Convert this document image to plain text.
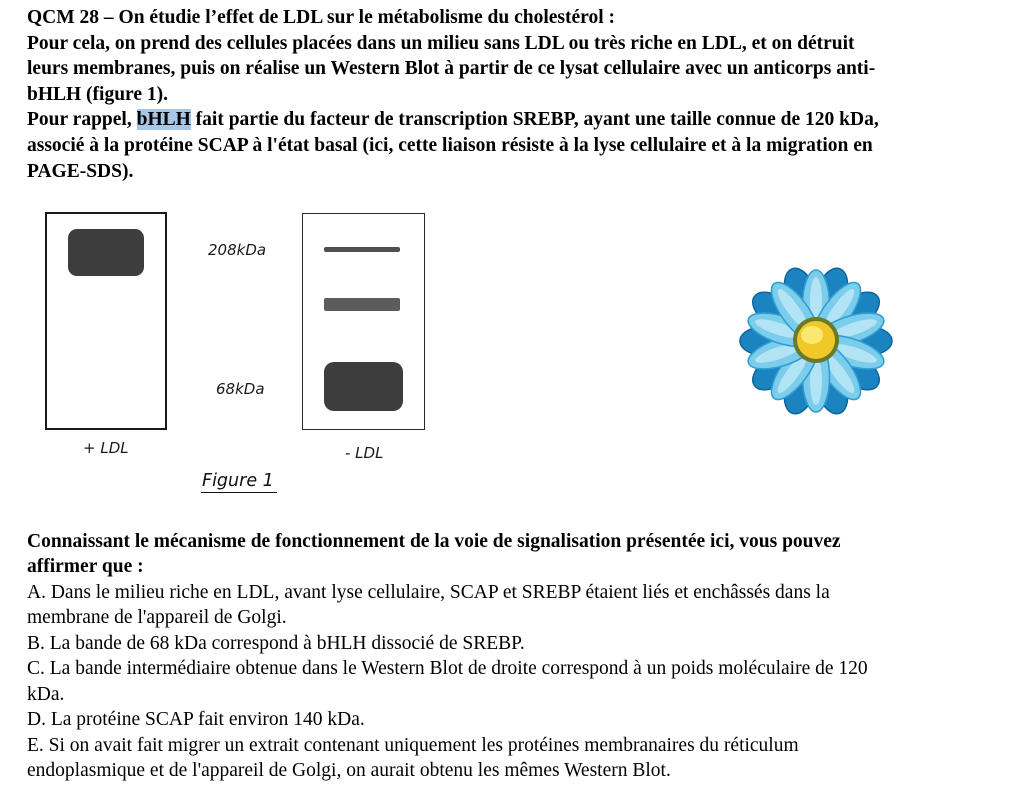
QCM 28 – On étudie l’effet de LDL sur le métabolisme du cholestérol :
Pour cela, on prend des cellules placées dans un milieu sans LDL ou très riche en LDL, et on détruit
leurs membranes, puis on réalise un Western Blot à partir de ce lysat cellulaire avec un anticorps anti-
bHLH (figure 1).
Pour rappel, bHLH fait partie du facteur de transcription SREBP, ayant une taille connue de 120 kDa,
associé à la protéine SCAP à l'état basal (ici, cette liaison résiste à la lyse cellulaire et à la migration en
PAGE-SDS).
208kDa
68kDa
+ LDL	- LDL
Figure 1
Connaissant le mécanisme de fonctionnement de la voie de signalisation présentée ici, vous pouvez
affirmer que :
A. Dans le milieu riche en LDL, avant lyse cellulaire, SCAP et SREBP étaient liés et enchâssés dans la
membrane de l'appareil de Golgi.
B. La bande de 68 kDa correspond à bHLH dissocié de SREBP.
C. La bande intermédiaire obtenue dans le Western Blot de droite correspond à un poids moléculaire de 120
kDa.
D. La protéine SCAP fait environ 140 kDa.
E. Si on avait fait migrer un extrait contenant uniquement les protéines membranaires du réticulum
endoplasmique et de l'appareil de Golgi, on aurait obtenu les mêmes Western Blot.
